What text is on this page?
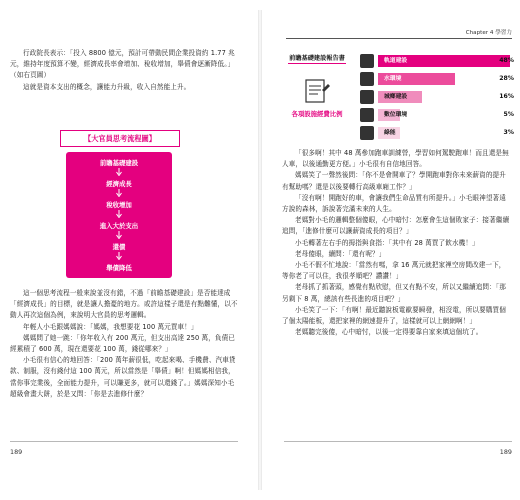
行政院長表示：「投入 8800 億元，預計可帶動民間企業投資約 1.77 兆元，維持年度預算不變，經濟成長率會增加、稅收增加，舉債會逐漸降低。」（如右頁圖）

這就是資本支出的概念，讓能力升級，收入自然能上升。

【大官員思考流程圖】
前瞻基礎建設
經濟成長
稅收增加
進入大於支出
還債
舉債降低

這一個思考流程一般來說並沒有錯，不過「前瞻基礎建設」是否能達成「經濟成長」的目標，就是讓人擔憂的地方。或許這樣子還是有點難懂，以不動人再次這個為例，來說明大官員的思考邏輯。

年輕人小毛跟媽媽說：「媽媽，我想要花 100 萬元買車！」

媽媽問了她一跳：「你年收入有 200 萬元，但支出高達 250 萬，負債已經累積了 600 萬，現在還要花 100 萬，錢從哪來？」

小毛很有信心的地回答：「200 萬年薪很低，吃起來喝、手機費、汽車貸款、制服，沒有錢付這 100 萬元，所以當然是「舉債」啊！但媽媽相信我，當你事完業後，全面能力提升，可以賺更多，就可以還錢了。」媽媽深知小毛超級會畫大餅，於是又問：「你是去進修什麼？

189
Chapter 4 學習力
前瞻基礎建設報告書
各項設施經費比例
軌道建設	48%
水環境	28%
城鄉建設	16%
數位環境	5%
綠能	3%

「很多啊！其中 48 萬參加跑車訓練營，學習如何駕駛跑車！而且還是無人車，以後通勤更方便。」小毛很有自信地回答。

媽媽笑了一聲然後問：「你不是會開車了？學開跑車對你未來薪資的提升有幫助嗎？還是以後要轉行高級車廂工作？」

「沒有啊！開跑好的車，會讓我們生命品質有所提升。」小毛眼神望著遠方說的森林，訴說著完滿未來的人生。

老媽對小毛的邏輯整個傻眼，心中暗忖：怎麼會生這個敗家子：接著繼續追問，「進修什麼可以讓薪資成長的項目？」

小毛轉著左右手的拇指與食指：「其中有 28 萬買了飲水機！」

老母傻眼，續問：「還有呢？」

小毛不假不忙地說：「當然有嗎，拿 16 萬元就把家裡空房間改建一下，等你老了可以住，我很孝順吧？讚讚！」

老母抓了抓著頭，感覺有點欣慰，但又有點不安，所以又繼續追問：「那另剩下 8 萬，總該有些長進的項目吧？」

小毛笑了一下：「有啊！最近聽說板電歐要瞬發，相沒電，所以要購買個了個太陽能板，還把家裡的網速提升了，這樣就可以上網網啊！」

老媽聽完後傻，心中暗忖，以後一定得要靠自家來填這個坑了。

189
